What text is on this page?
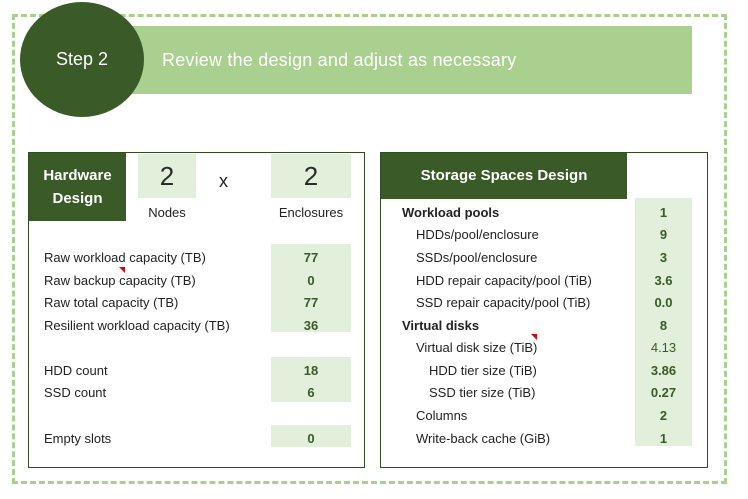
Review the design and adjust as necessary
Step 2
Hardware
Design
2
Nodes
x	2
Enclosures
Raw workload capacity (TB)	77
Raw backup capacity (TB)	0
Raw total capacity (TB)	77
Resilient workload capacity (TB)	36
HDD count	18
SSD count	6
Empty slots	0
Storage Spaces Design
Workload pools	1
HDDs/pool/enclosure	9
SSDs/pool/enclosure	3
HDD repair capacity/pool (TiB)	3.6
SSD repair capacity/pool (TiB)	0.0
Virtual disks	8
Virtual disk size (TiB)	4.13
HDD tier size (TiB)	3.86
SSD tier size (TiB)	0.27
Columns	2
Write-back cache (GiB)	1
